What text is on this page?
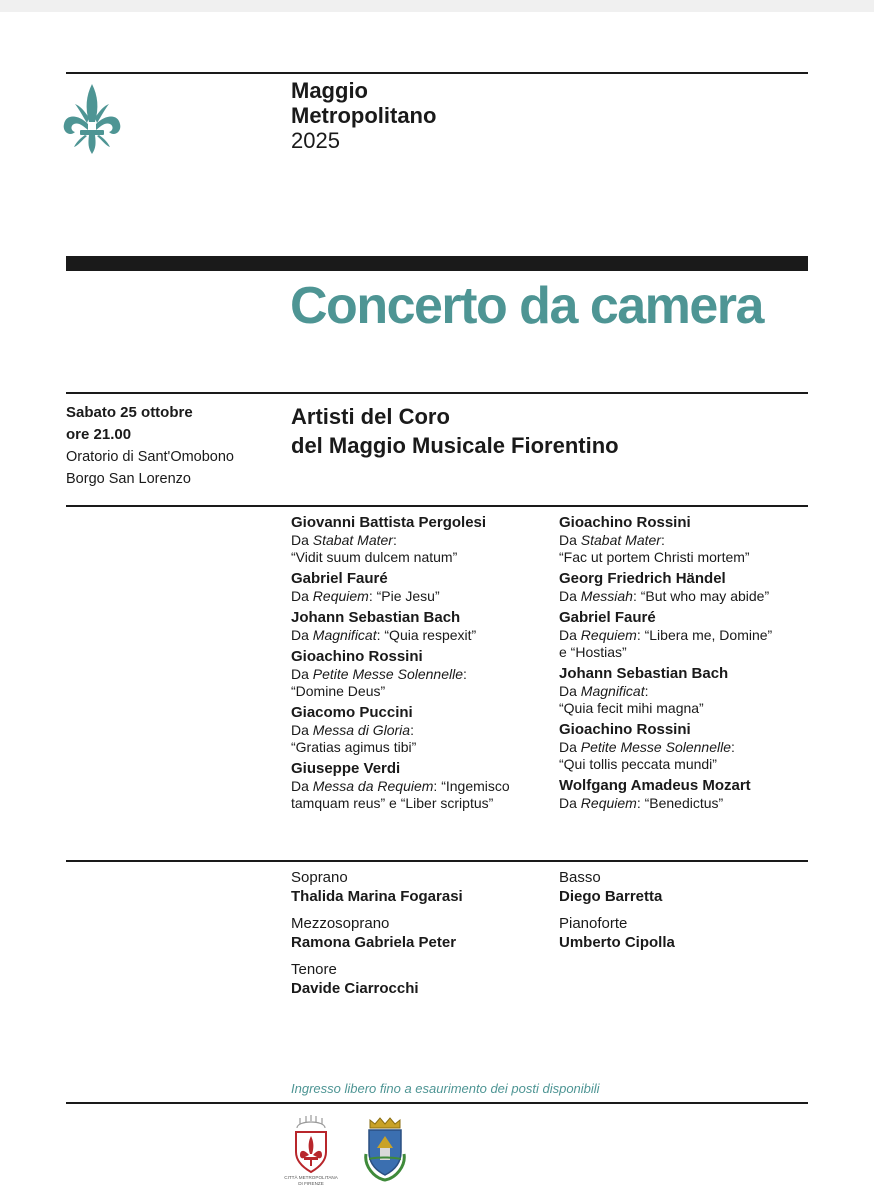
Maggio
Metropolitano
2025
Concerto da camera
Sabato 25 ottobre
ore 21.00
Oratorio di Sant'Omobono
Borgo San Lorenzo
Artisti del Coro
del Maggio Musicale Fiorentino
Giovanni Battista Pergolesi
Da Stabat Mater:
“Vidit suum dulcem natum”
Gabriel Fauré
Da Requiem: “Pie Jesu”
Johann Sebastian Bach
Da Magnificat: “Quia respexit”
Gioachino Rossini
Da Petite Messe Solennelle:
“Domine Deus”
Giacomo Puccini
Da Messa di Gloria:
“Gratias agimus tibi”
Giuseppe Verdi
Da Messa da Requiem: “Ingemisco
tamquam reus” e “Liber scriptus”
Gioachino Rossini
Da Stabat Mater:
“Fac ut portem Christi mortem”
Georg Friedrich Händel
Da Messiah: “But who may abide”
Gabriel Fauré
Da Requiem: “Libera me, Domine”
e “Hostias”
Johann Sebastian Bach
Da Magnificat:
“Quia fecit mihi magna”
Gioachino Rossini
Da Petite Messe Solennelle:
“Qui tollis peccata mundi”
Wolfgang Amadeus Mozart
Da Requiem: “Benedictus”
Soprano
Thalida Marina Fogarasi
Mezzosoprano
Ramona Gabriela Peter
Tenore
Davide Ciarrocchi
Basso
Diego Barretta
Pianoforte
Umberto Cipolla
Ingresso libero fino a esaurimento dei posti disponibili
CITTÀ METROPOLITANA
DI FIRENZE
